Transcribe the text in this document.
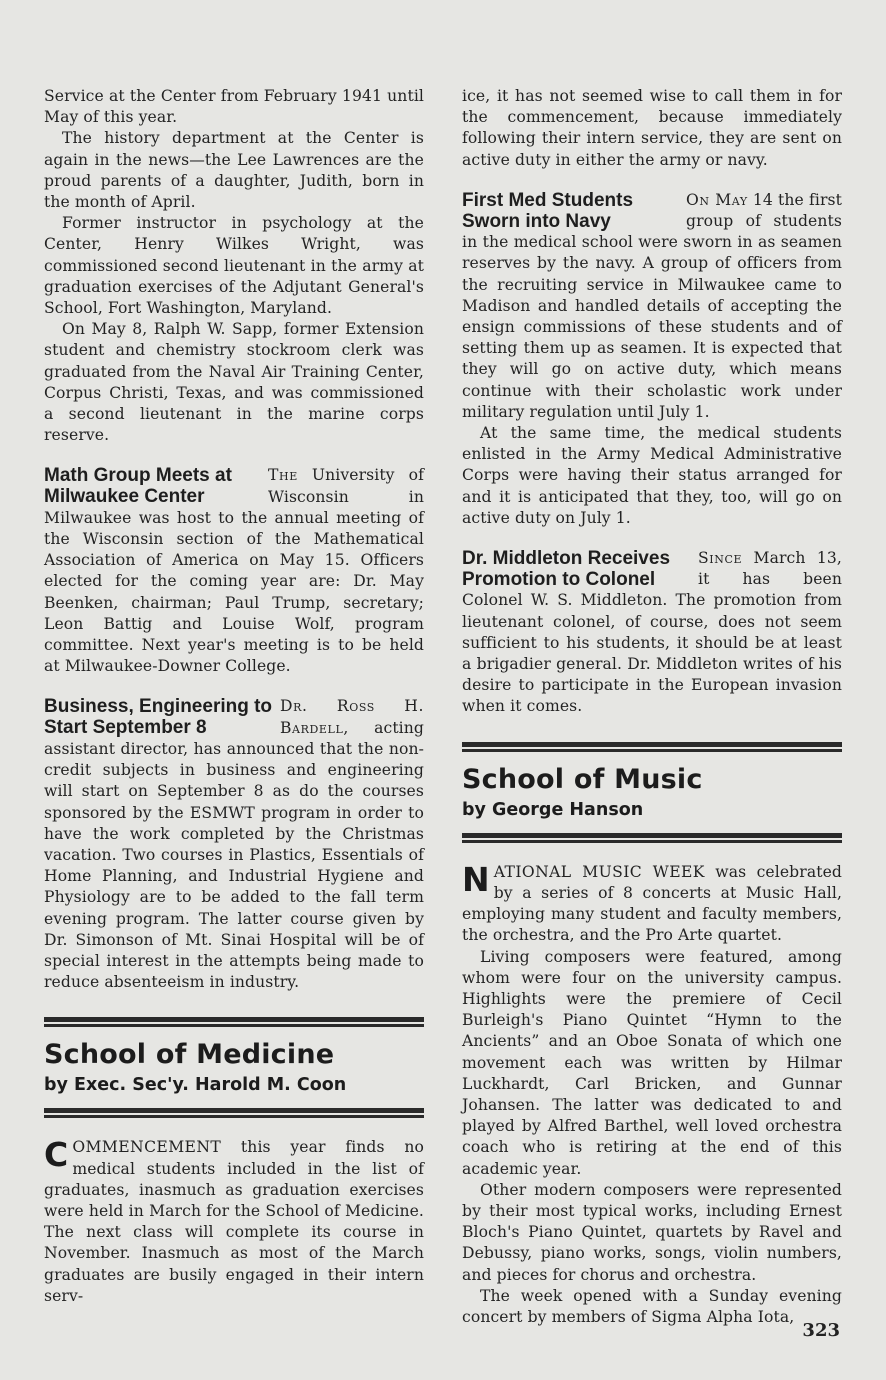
Service at the Center from February 1941 until May of this year.

The history department at the Center is again in the news—the Lee Lawrences are the proud parents of a daughter, Judith, born in the month of April.

Former instructor in psychology at the Center, Henry Wilkes Wright, was commissioned second lieutenant in the army at graduation exercises of the Adjutant General's School, Fort Washington, Maryland.

On May 8, Ralph W. Sapp, former Extension student and chemistry stockroom clerk was graduated from the Naval Air Training Center, Corpus Christi, Texas, and was commissioned a second lieutenant in the marine corps reserve.

Math Group Meets at Milwaukee Center

The University of Wisconsin in Milwaukee was host to the annual meeting of the Wisconsin section of the Mathematical Association of America on May 15. Officers elected for the coming year are: Dr. May Beenken, chairman; Paul Trump, secretary; Leon Battig and Louise Wolf, program committee. Next year's meeting is to be held at Milwaukee-Downer College.

Business, Engineering to Start September 8

Dr. Ross H. Bardell, acting assistant director, has announced that the non-credit subjects in business and engineering will start on September 8 as do the courses sponsored by the ESMWT program in order to have the work completed by the Christmas vacation. Two courses in Plastics, Essentials of Home Planning, and Industrial Hygiene and Physiology are to be added to the fall term evening program. The latter course given by Dr. Simonson of Mt. Sinai Hospital will be of special interest in the attempts being made to reduce absenteeism in industry.

School of Medicine
by Exec. Sec'y. Harold M. Coon

COMMENCEMENT this year finds no medical students included in the list of graduates, inasmuch as graduation exercises were held in March for the School of Medicine. The next class will complete its course in November. Inasmuch as most of the March graduates are busily engaged in their intern serv-

ice, it has not seemed wise to call them in for the commencement, because immediately following their intern service, they are sent on active duty in either the army or navy.

First Med Students Sworn into Navy

On May 14 the first group of students in the medical school were sworn in as seamen reserves by the navy. A group of officers from the recruiting service in Milwaukee came to Madison and handled details of accepting the ensign commissions of these students and of setting them up as seamen. It is expected that they will go on active duty, which means continue with their scholastic work under military regulation until July 1.

At the same time, the medical students enlisted in the Army Medical Administrative Corps were having their status arranged for and it is anticipated that they, too, will go on active duty on July 1.

Dr. Middleton Receives Promotion to Colonel

Since March 13, it has been Colonel W. S. Middleton. The promotion from lieutenant colonel, of course, does not seem sufficient to his students, it should be at least a brigadier general. Dr. Middleton writes of his desire to participate in the European invasion when it comes.

School of Music
by George Hanson

NATIONAL MUSIC WEEK was celebrated by a series of 8 concerts at Music Hall, employing many student and faculty members, the orchestra, and the Pro Arte quartet.

Living composers were featured, among whom were four on the university campus. Highlights were the premiere of Cecil Burleigh's Piano Quintet “Hymn to the Ancients” and an Oboe Sonata of which one movement each was written by Hilmar Luckhardt, Carl Bricken, and Gunnar Johansen. The latter was dedicated to and played by Alfred Barthel, well loved orchestra coach who is retiring at the end of this academic year.

Other modern composers were represented by their most typical works, including Ernest Bloch's Piano Quintet, quartets by Ravel and Debussy, piano works, songs, violin numbers, and pieces for chorus and orchestra.

The week opened with a Sunday evening concert by members of Sigma Alpha Iota,

323
